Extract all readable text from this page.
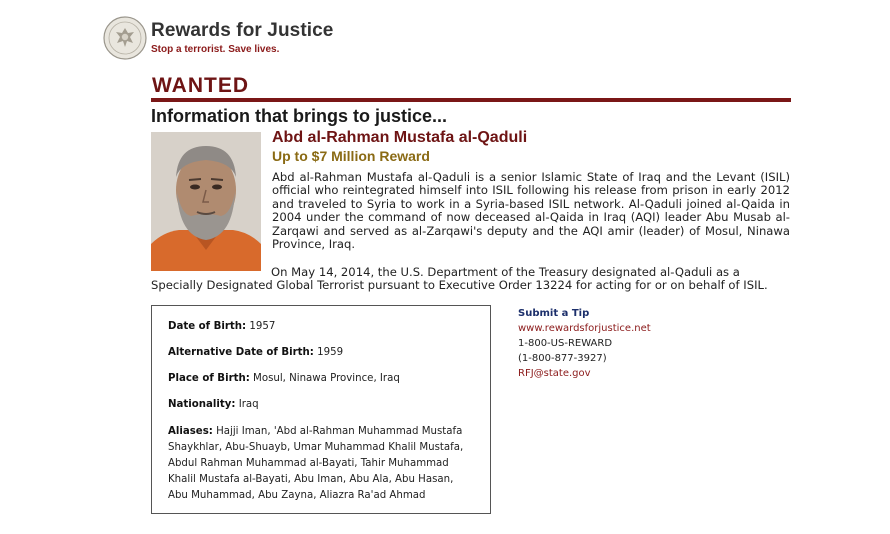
Rewards for Justice
Stop a terrorist. Save lives.
WANTED
Information that brings to justice...
Abd al-Rahman Mustafa al-Qaduli
Up to $7 Million Reward
Abd al-Rahman Mustafa al-Qaduli is a senior Islamic State of Iraq and the Levant (ISIL) official who reintegrated himself into ISIL following his release from prison in early 2012 and traveled to Syria to work in a Syria-based ISIL network. Al-Qaduli joined al-Qaida in 2004 under the command of now deceased al-Qaida in Iraq (AQI) leader Abu Musab al-Zarqawi and served as al-Zarqawi's deputy and the AQI amir (leader) of Mosul, Ninawa Province, Iraq.
On May 14, 2014, the U.S. Department of the Treasury designated al-Qaduli as a Specially Designated Global Terrorist pursuant to Executive Order 13224 for acting for or on behalf of ISIL.
Date of Birth: 1957
Alternative Date of Birth: 1959
Place of Birth: Mosul, Ninawa Province, Iraq
Nationality: Iraq
Aliases: Hajji Iman, 'Abd al-Rahman Muhammad Mustafa Shaykhlar, Abu-Shuayb, Umar Muhammad Khalil Mustafa, Abdul Rahman Muhammad al-Bayati, Tahir Muhammad Khalil Mustafa al-Bayati, Abu Iman, Abu Ala, Abu Hasan, Abu Muhammad, Abu Zayna, Aliazra Ra'ad Ahmad
Submit a Tip
www.rewardsforjustice.net
1-800-US-REWARD
(1-800-877-3927)
RFJ@state.gov
